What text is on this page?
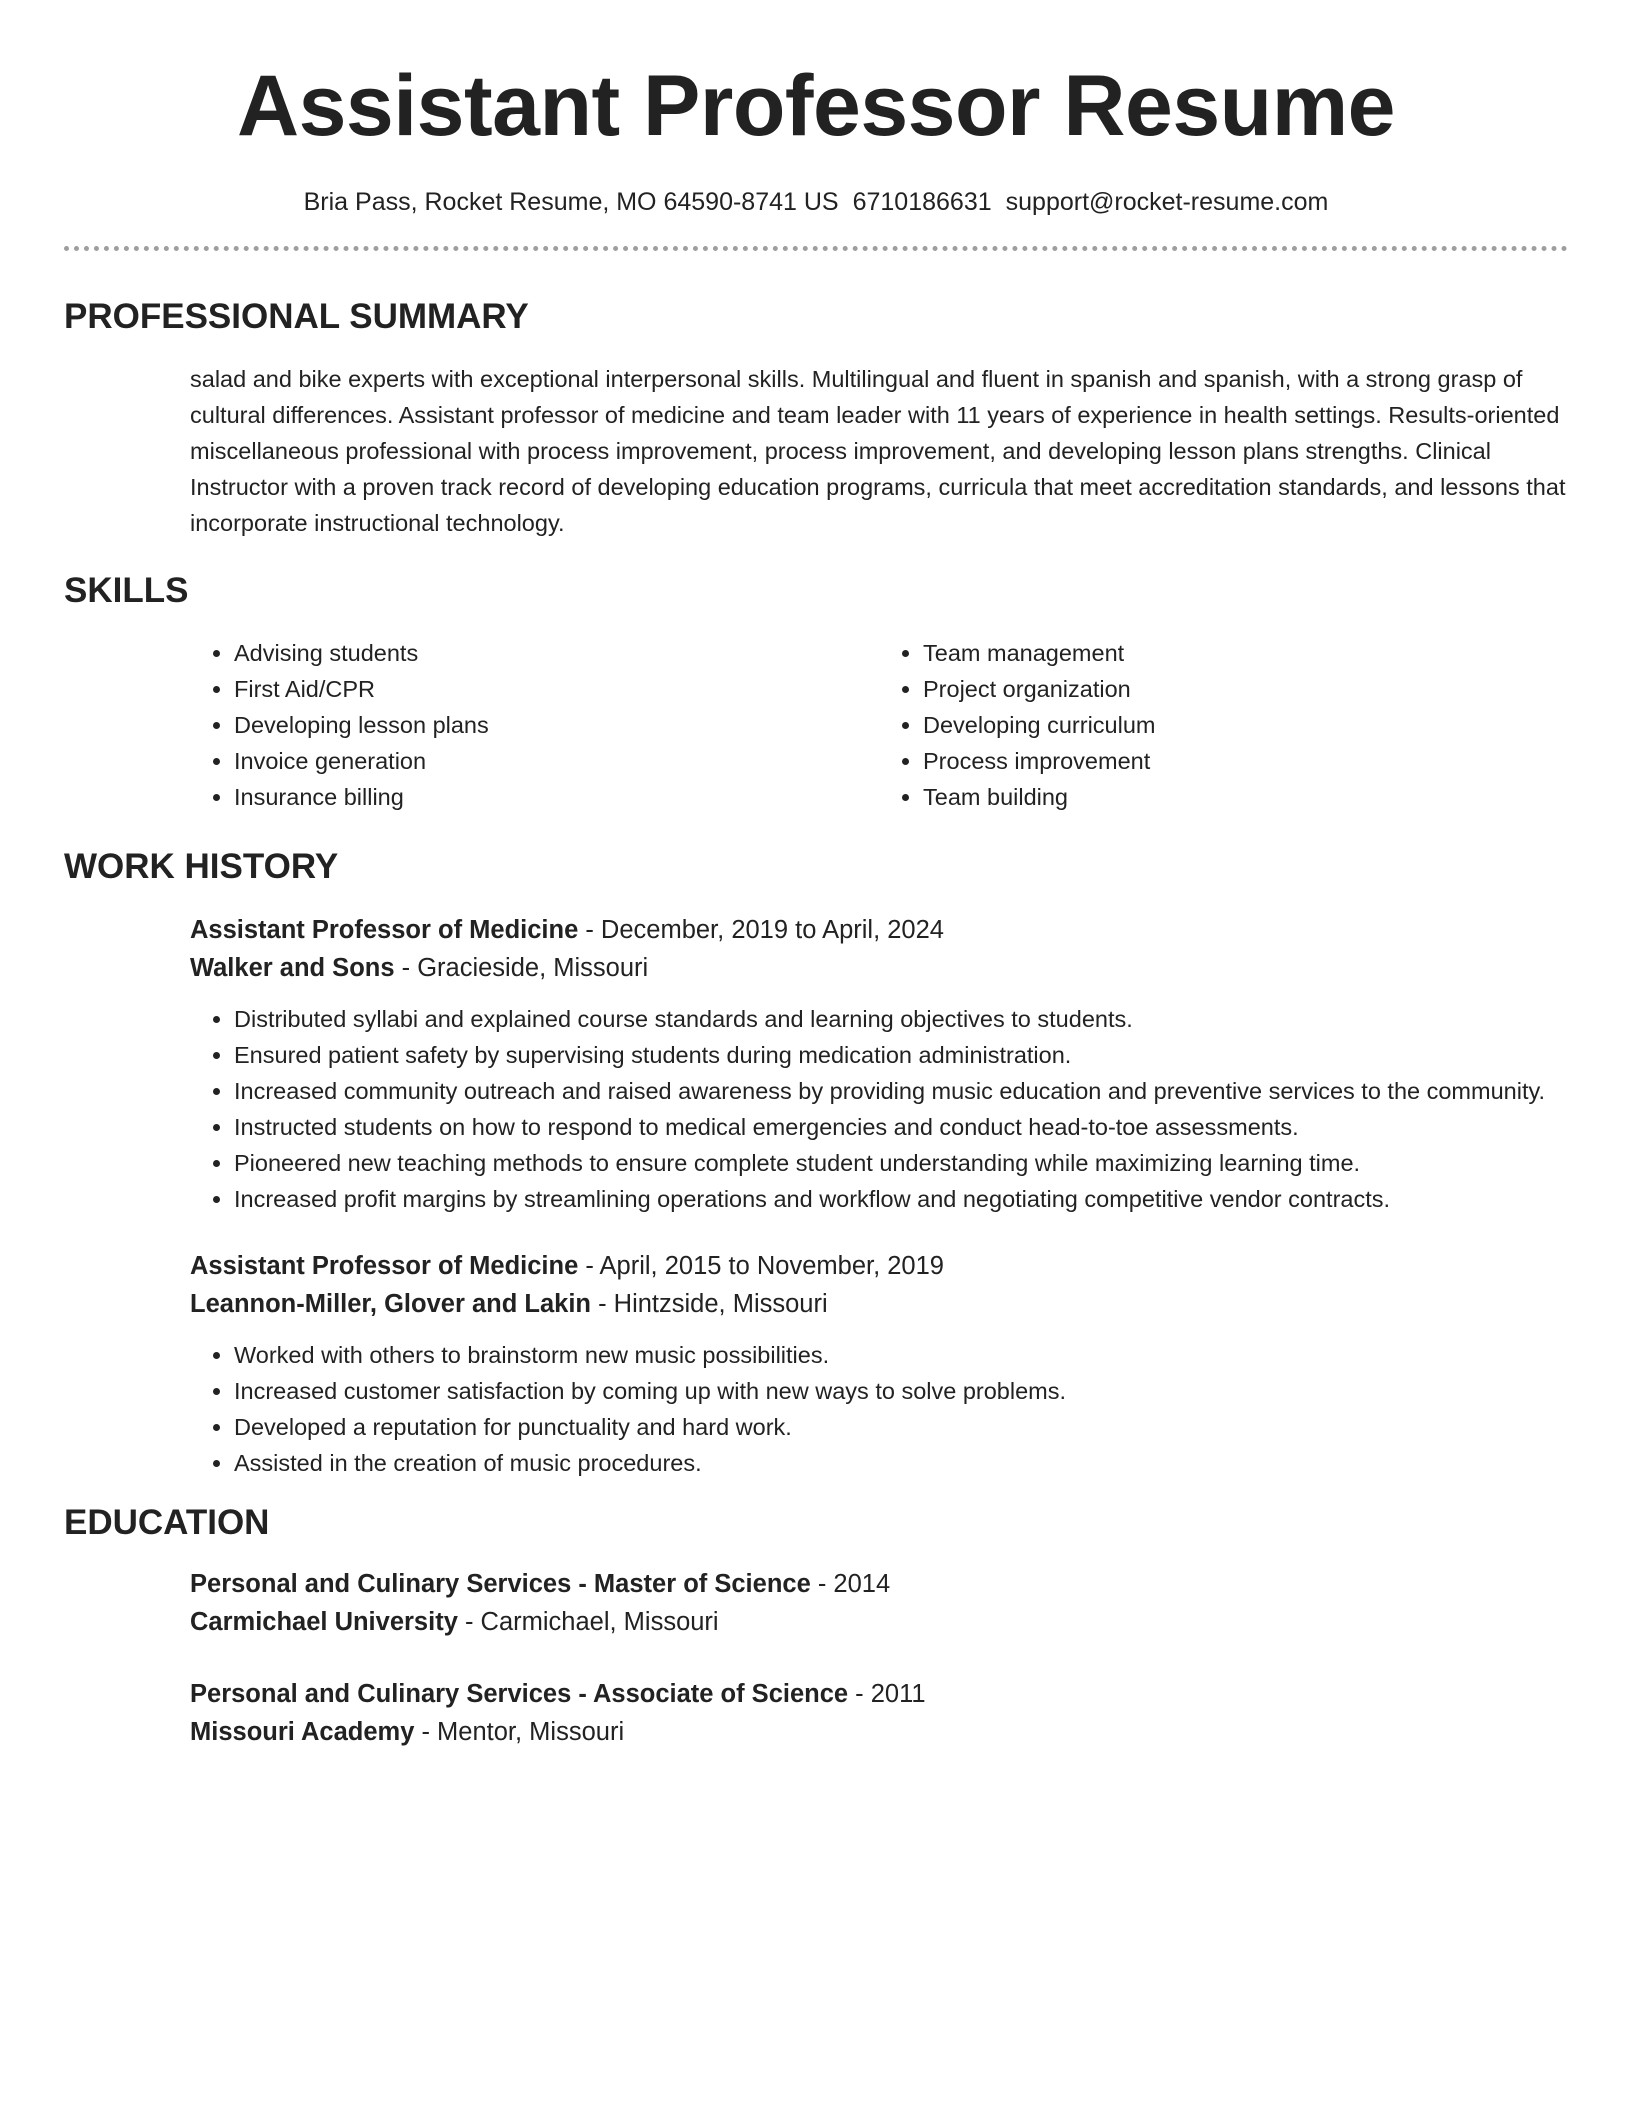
Assistant Professor Resume
Bria Pass, Rocket Resume, MO 64590-8741 US 6710186631 support@rocket-resume.com
PROFESSIONAL SUMMARY
salad and bike experts with exceptional interpersonal skills. Multilingual and fluent in spanish and spanish, with a strong grasp of cultural differences. Assistant professor of medicine and team leader with 11 years of experience in health settings. Results-oriented miscellaneous professional with process improvement, process improvement, and developing lesson plans strengths. Clinical Instructor with a proven track record of developing education programs, curricula that meet accreditation standards, and lessons that incorporate instructional technology.
SKILLS
• Advising students
• First Aid/CPR
• Developing lesson plans
• Invoice generation
• Insurance billing
• Team management
• Project organization
• Developing curriculum
• Process improvement
• Team building
WORK HISTORY
Assistant Professor of Medicine - December, 2019 to April, 2024
Walker and Sons - Gracieside, Missouri
• Distributed syllabi and explained course standards and learning objectives to students.
• Ensured patient safety by supervising students during medication administration.
• Increased community outreach and raised awareness by providing music education and preventive services to the community.
• Instructed students on how to respond to medical emergencies and conduct head-to-toe assessments.
• Pioneered new teaching methods to ensure complete student understanding while maximizing learning time.
• Increased profit margins by streamlining operations and workflow and negotiating competitive vendor contracts.
Assistant Professor of Medicine - April, 2015 to November, 2019
Leannon-Miller, Glover and Lakin - Hintzside, Missouri
• Worked with others to brainstorm new music possibilities.
• Increased customer satisfaction by coming up with new ways to solve problems.
• Developed a reputation for punctuality and hard work.
• Assisted in the creation of music procedures.
EDUCATION
Personal and Culinary Services - Master of Science - 2014
Carmichael University - Carmichael, Missouri
Personal and Culinary Services - Associate of Science - 2011
Missouri Academy - Mentor, Missouri
